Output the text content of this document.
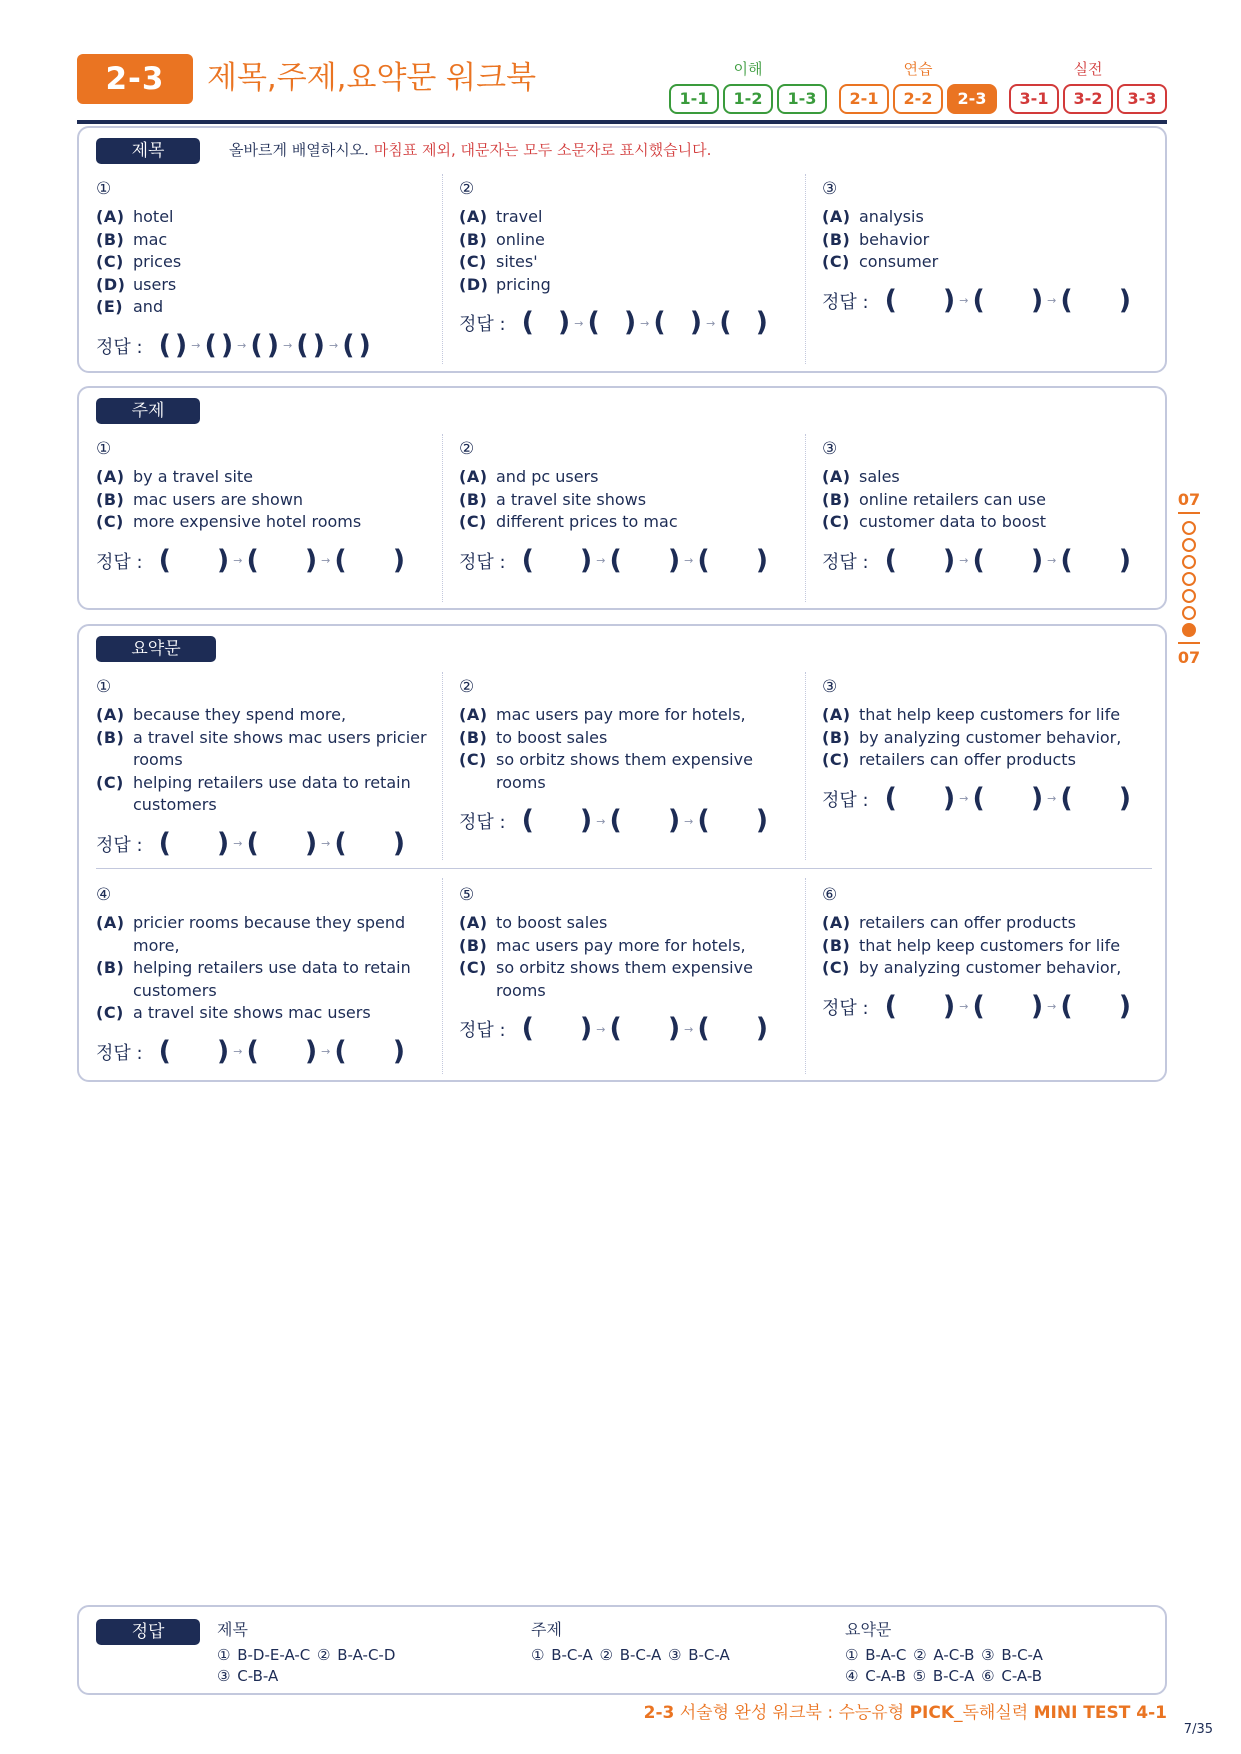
2-3	제목,주제,요약문 워크북	이해
1-1	1-2	1-3
연습
2-1	2-2	2-3
실전
3-1	3-2	3-3
제목	올바르게 배열하시오. 마침표 제외, 대문자는 모두 소문자로 표시했습니다.
①
(A) hotel
(B) mac
(C) prices
(D) users
(E) and
정답 : ( ) → ( ) → ( ) → ( ) → ( )
②
(A) travel
(B) online
(C) sites'
(D) pricing
정답 : ( ) → ( ) → ( ) → ( )
③
(A) analysis
(B) behavior
(C) consumer
정답 : ( ) → ( ) → ( )
주제
①
(A) by a travel site
(B) mac users are shown
(C) more expensive hotel rooms
정답 : ( ) → ( ) → ( )
②
(A) and pc users
(B) a travel site shows
(C) different prices to mac
정답 : ( ) → ( ) → ( )
③
(A) sales
(B) online retailers can use
(C) customer data to boost
정답 : ( ) → ( ) → ( )
요약문
①
(A) because they spend more,
(B) a travel site shows mac users pricier rooms
(C) helping retailers use data to retain customers
정답 : ( ) → ( ) → ( )
②
(A) mac users pay more for hotels,
(B) to boost sales
(C) so orbitz shows them expensive rooms
정답 : ( ) → ( ) → ( )
③
(A) that help keep customers for life
(B) by analyzing customer behavior,
(C) retailers can offer products
정답 : ( ) → ( ) → ( )
④
(A) pricier rooms because they spend more,
(B) helping retailers use data to retain customers
(C) a travel site shows mac users
정답 : ( ) → ( ) → ( )
⑤
(A) to boost sales
(B) mac users pay more for hotels,
(C) so orbitz shows them expensive rooms
정답 : ( ) → ( ) → ( )
⑥
(A) retailers can offer products
(B) that help keep customers for life
(C) by analyzing customer behavior,
정답 : ( ) → ( ) → ( )
07
07
정답	제목
① B-D-E-A-C ② B-A-C-D
③ C-B-A
주제
① B-C-A ② B-C-A ③ B-C-A
요약문
① B-A-C ② A-C-B ③ B-C-A
④ C-A-B ⑤ B-C-A ⑥ C-A-B
2-3 서술형 완성 워크북 : 수능유형 PICK_독해실력 MINI TEST 4-1
7/35
